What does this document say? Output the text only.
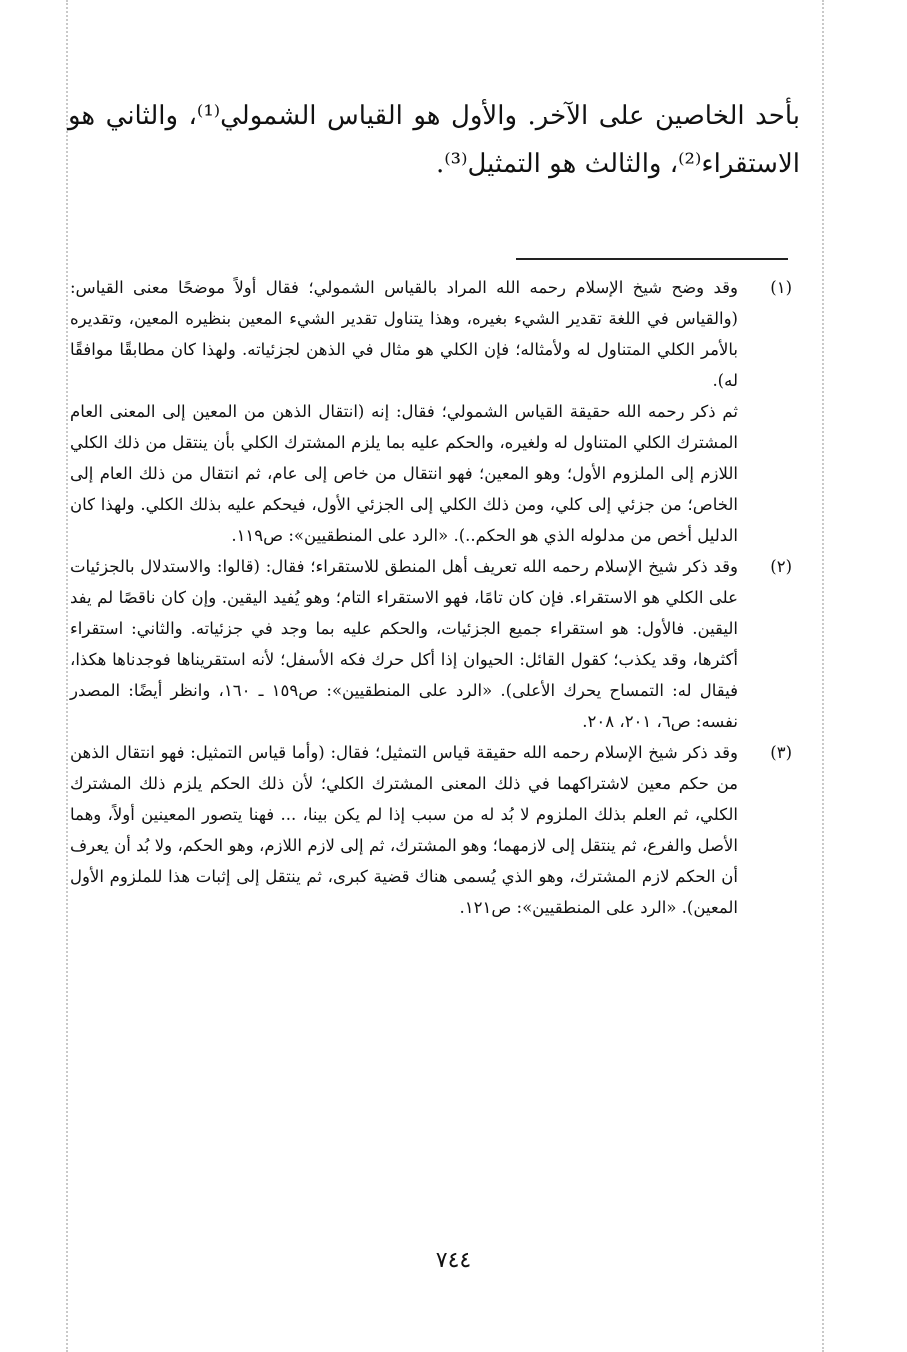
بأحد الخاصين على الآخر. والأول هو القياس الشمولي⁽¹⁾، والثاني هو الاستقراء⁽²⁾، والثالث هو التمثيل⁽³⁾.

(١)

وقد وضح شيخ الإسلام رحمه الله المراد بالقياس الشمولي؛ فقال أولاً موضحًا معنى القياس: (والقياس في اللغة تقدير الشيء بغيره، وهذا يتناول تقدير الشيء المعين بنظيره المعين، وتقديره بالأمر الكلي المتناول له ولأمثاله؛ فإن الكلي هو مثال في الذهن لجزئياته. ولهذا كان مطابقًا موافقًا له).

ثم ذكر رحمه الله حقيقة القياس الشمولي؛ فقال: إنه (انتقال الذهن من المعين إلى المعنى العام المشترك الكلي المتناول له ولغيره، والحكم عليه بما يلزم المشترك الكلي بأن ينتقل من ذلك الكلي اللازم إلى الملزوم الأول؛ وهو المعين؛ فهو انتقال من خاص إلى عام، ثم انتقال من ذلك العام إلى الخاص؛ من جزئي إلى كلي، ومن ذلك الكلي إلى الجزئي الأول، فيحكم عليه بذلك الكلي. ولهذا كان الدليل أخص من مدلوله الذي هو الحكم..). «الرد على المنطقيين»: ص١١٩.

(٢)

وقد ذكر شيخ الإسلام رحمه الله تعريف أهل المنطق للاستقراء؛ فقال: (قالوا: والاستدلال بالجزئيات على الكلي هو الاستقراء. فإن كان تامًا، فهو الاستقراء التام؛ وهو يُفيد اليقين. وإن كان ناقصًا لم يفد اليقين. فالأول: هو استقراء جميع الجزئيات، والحكم عليه بما وجد في جزئياته. والثاني: استقراء أكثرها، وقد يكذب؛ كقول القائل: الحيوان إذا أكل حرك فكه الأسفل؛ لأنه استقريناها فوجدناها هكذا، فيقال له: التمساح يحرك الأعلى). «الرد على المنطقيين»: ص١٥٩ ـ ١٦٠، وانظر أيضًا: المصدر نفسه: ص٦، ٢٠١، ٢٠٨.

(٣)

وقد ذكر شيخ الإسلام رحمه الله حقيقة قياس التمثيل؛ فقال: (وأما قياس التمثيل: فهو انتقال الذهن من حكم معين لاشتراكهما في ذلك المعنى المشترك الكلي؛ لأن ذلك الحكم يلزم ذلك المشترك الكلي، ثم العلم بذلك الملزوم لا بُد له من سبب إذا لم يكن بينا، ... فهنا يتصور المعينين أولاً، وهما الأصل والفرع، ثم ينتقل إلى لازمهما؛ وهو المشترك، ثم إلى لازم اللازم، وهو الحكم، ولا بُد أن يعرف أن الحكم لازم المشترك، وهو الذي يُسمى هناك قضية كبرى، ثم ينتقل إلى إثبات هذا للملزوم الأول المعين). «الرد على المنطقيين»: ص١٢١.

٧٤٤
